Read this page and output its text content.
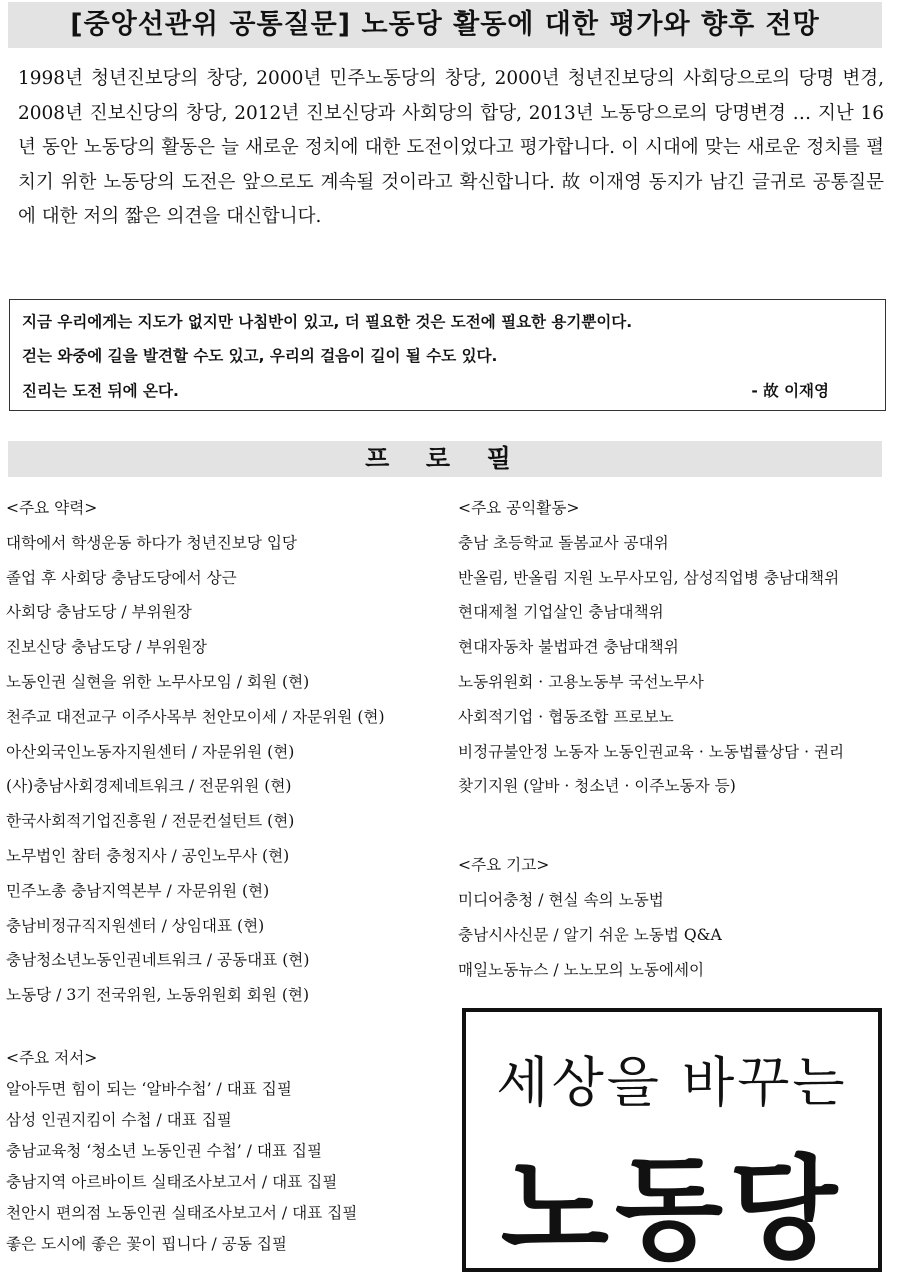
[중앙선관위 공통질문] 노동당 활동에 대한 평가와 향후 전망

1998년 청년진보당의 창당, 2000년 민주노동당의 창당, 2000년 청년진보당의 사회당으로의 당명 변경, 2008년 진보신당의 창당, 2012년 진보신당과 사회당의 합당, 2013년 노동당으로의 당명변경 … 지난 16년 동안 노동당의 활동은 늘 새로운 정치에 대한 도전이었다고 평가합니다. 이 시대에 맞는 새로운 정치를 펼치기 위한 노동당의 도전은 앞으로도 계속될 것이라고 확신합니다. 故 이재영 동지가 남긴 글귀로 공통질문에 대한 저의 짧은 의견을 대신합니다.

지금 우리에게는 지도가 없지만 나침반이 있고, 더 필요한 것은 도전에 필요한 용기뿐이다.
걷는 와중에 길을 발견할 수도 있고, 우리의 걸음이 길이 될 수도 있다.
진리는 도전 뒤에 온다.	- 故 이재영
프 로 필
<주요 약력>
대학에서 학생운동 하다가 청년진보당 입당
졸업 후 사회당 충남도당에서 상근
사회당 충남도당 / 부위원장
진보신당 충남도당 / 부위원장
노동인권 실현을 위한 노무사모임 / 회원 (현)
천주교 대전교구 이주사목부 천안모이세 / 자문위원 (현)
아산외국인노동자지원센터 / 자문위원 (현)
(사)충남사회경제네트워크 / 전문위원 (현)
한국사회적기업진흥원 / 전문컨설턴트 (현)
노무법인 참터 충청지사 / 공인노무사 (현)
민주노총 충남지역본부 / 자문위원 (현)
충남비정규직지원센터 / 상임대표 (현)
충남청소년노동인권네트워크 / 공동대표 (현)
노동당 / 3기 전국위원, 노동위원회 회원 (현)
<주요 공익활동>
충남 초등학교 돌봄교사 공대위
반올림, 반올림 지원 노무사모임, 삼성직업병 충남대책위
현대제철 기업살인 충남대책위
현대자동차 불법파견 충남대책위
노동위원회 · 고용노동부 국선노무사
사회적기업 · 협동조합 프로보노
비정규불안정 노동자 노동인권교육 · 노동법률상담 · 권리
찾기지원 (알바 · 청소년 · 이주노동자 등)
<주요 기고>
미디어충청 / 현실 속의 노동법
충남시사신문 / 알기 쉬운 노동법 Q&A
매일노동뉴스 / 노노모의 노동에세이
<주요 저서>
알아두면 힘이 되는 ‘알바수첩’ / 대표 집필
삼성 인권지킴이 수첩 / 대표 집필
충남교육청 ‘청소년 노동인권 수첩’ / 대표 집필
충남지역 아르바이트 실태조사보고서 / 대표 집필
천안시 편의점 노동인권 실태조사보고서 / 대표 집필
좋은 도시에 좋은 꽃이 핍니다 / 공동 집필
세상을 바꾸는
노동당
